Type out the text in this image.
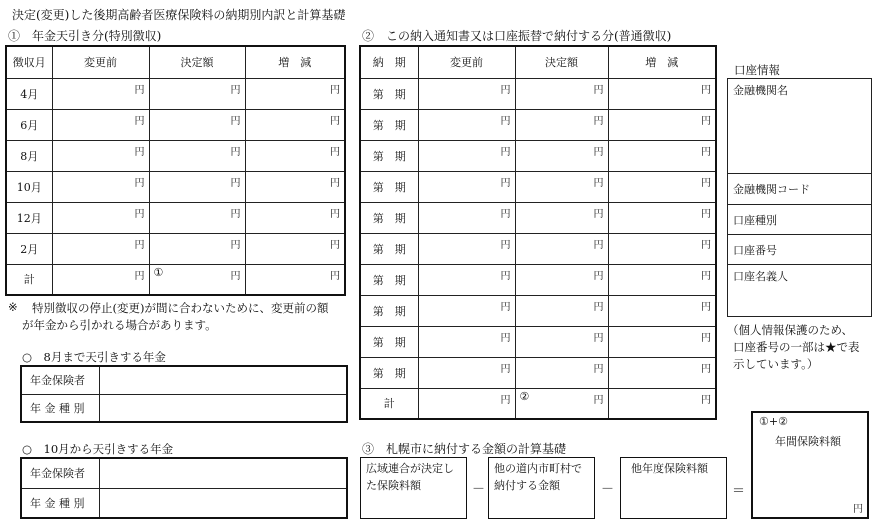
決定(変更)した後期高齢者医療保険料の納期別内訳と計算基礎
①　年金天引き分(特別徴収)
徴収月	変更前	決定額	増　減
4月	円	円	円

6月	円	円	円

8月	円	円	円

10月	円	円	円

12月	円	円	円

2月	円	円	円

計	円	① 円	円
※ 特別徴収の停止(変更)が間に合わないために、変更前の額
が年金から引かれる場合があります。
○　8月まで天引きする年金
年金保険者	
年 金 種 別	
○　10月から天引きする年金
年金保険者	
年 金 種 別	
②　この納入通知書又は口座振替で納付する分(普通徴収)
納　期	変更前	決定額	増　減
第　期	円	円	円

第　期	円	円	円

第　期	円	円	円

第　期	円	円	円

第　期	円	円	円

第　期	円	円	円

第　期	円	円	円

第　期	円	円	円

第　期	円	円	円

第　期	円	円	円

計	円	② 円	円
口座情報
金融機関名
金融機関コード
口座種別
口座番号
口座名義人
（個人情報保護のため、
口座番号の一部は★で表
示しています。）
③　札幌市に納付する金額の計算基礎
広域連合が決定し
た保険料額	－
他の道内市町村で
納付する金額	－
他年度保険料額
＝
①+②
年間保険料額
円
